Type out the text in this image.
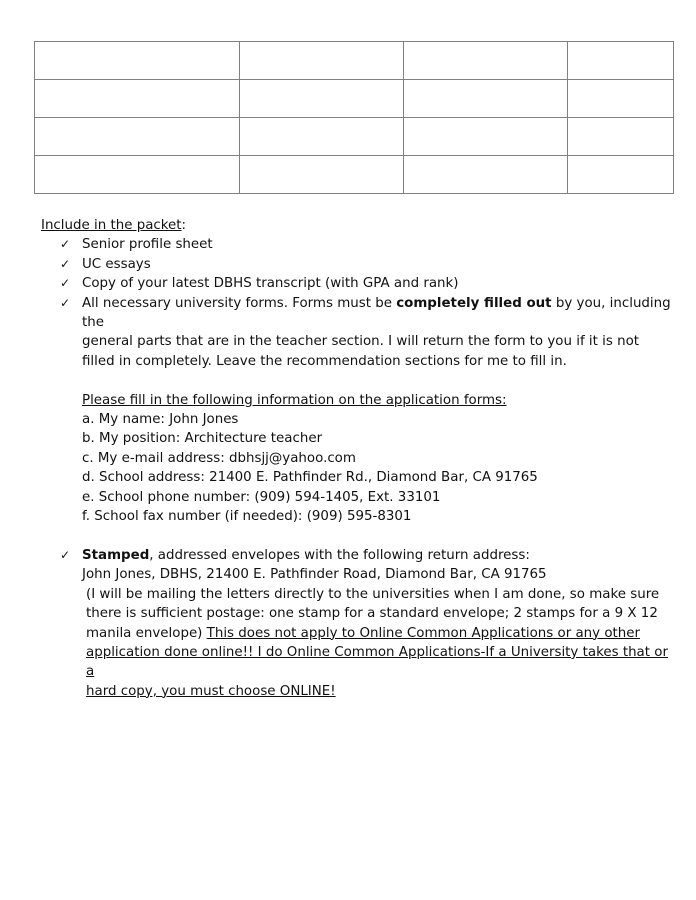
Include in the packet:
✓ Senior profile sheet
✓ UC essays
✓ Copy of your latest DBHS transcript (with GPA and rank)
✓ All necessary university forms. Forms must be completely filled out by you, including the
general parts that are in the teacher section. I will return the form to you if it is not
filled in completely. Leave the recommendation sections for me to fill in.
Please fill in the following information on the application forms:
a. My name: John Jones
b. My position: Architecture teacher
c. My e-mail address: dbhsjj@yahoo.com
d. School address: 21400 E. Pathfinder Rd., Diamond Bar, CA 91765
e. School phone number: (909) 594-1405, Ext. 33101
f. School fax number (if needed): (909) 595-8301
✓ Stamped, addressed envelopes with the following return address:
John Jones, DBHS, 21400 E. Pathfinder Road, Diamond Bar, CA 91765
(I will be mailing the letters directly to the universities when I am done, so make sure
there is sufficient postage: one stamp for a standard envelope; 2 stamps for a 9 X 12
manila envelope) This does not apply to Online Common Applications or any other
application done online!! I do Online Common Applications-If a University takes that or a
hard copy, you must choose ONLINE!
